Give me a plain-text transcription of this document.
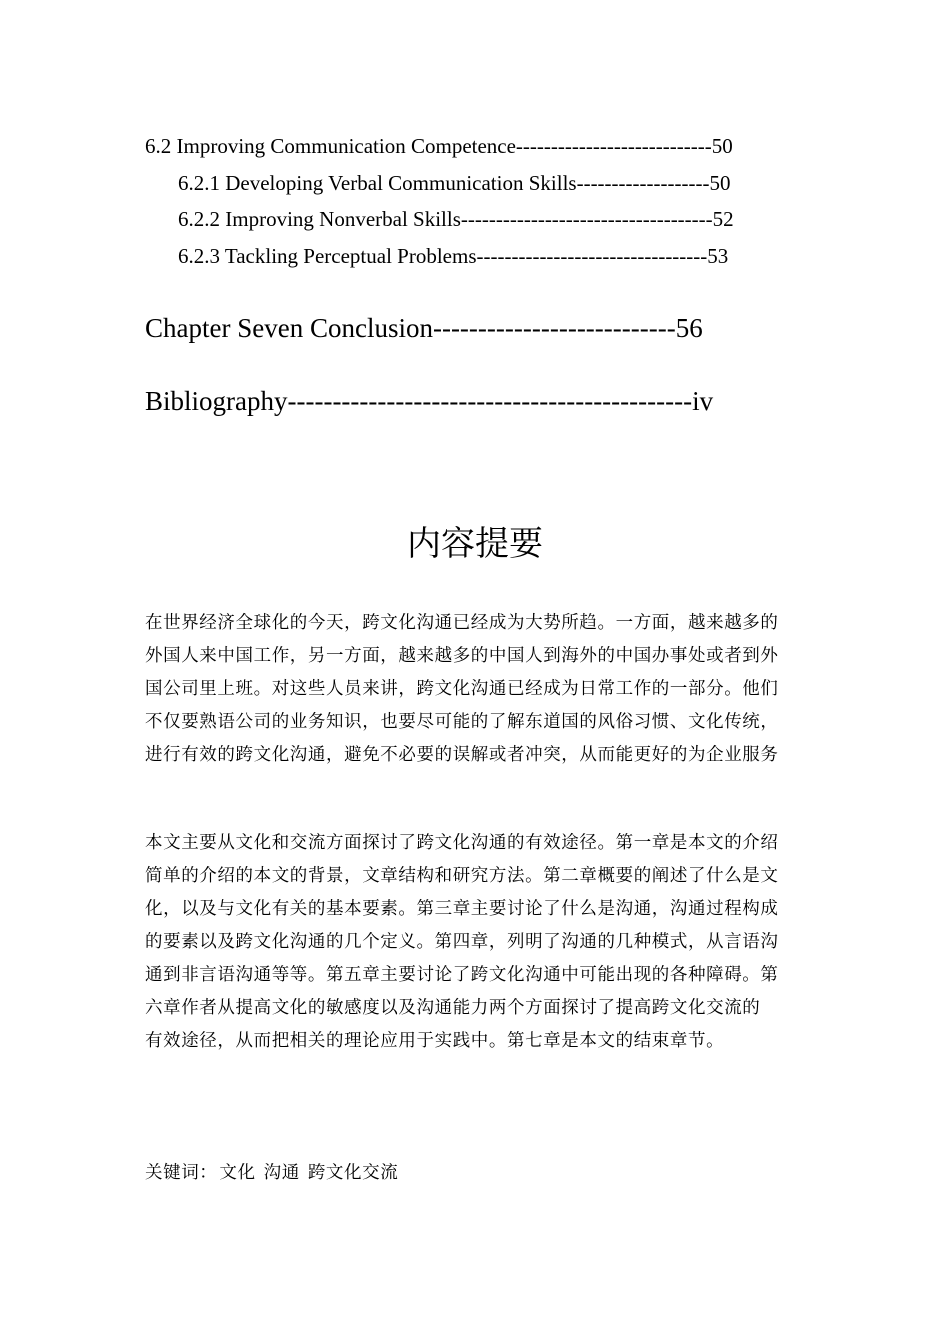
6.2 Improving Communication Competence----------------------------50
6.2.1 Developing Verbal Communication Skills-------------------50
6.2.2 Improving Nonverbal Skills------------------------------------52
6.2.3 Tackling Perceptual Problems---------------------------------53
Chapter Seven Conclusion---------------------------56
Bibliography---------------------------------------------iv
内容提要
在世界经济全球化的今天，跨文化沟通已经成为大势所趋。一方面，越来越多的
外国人来中国工作，另一方面，越来越多的中国人到海外的中国办事处或者到外
国公司里上班。对这些人员来讲，跨文化沟通已经成为日常工作的一部分。他们
不仅要熟语公司的业务知识，也要尽可能的了解东道国的风俗习惯、文化传统，
进行有效的跨文化沟通，避免不必要的误解或者冲突，从而能更好的为企业服务
本文主要从文化和交流方面探讨了跨文化沟通的有效途径。第一章是本文的介绍
简单的介绍的本文的背景，文章结构和研究方法。第二章概要的阐述了什么是文
化，以及与文化有关的基本要素。第三章主要讨论了什么是沟通，沟通过程构成
的要素以及跨文化沟通的几个定义。第四章，列明了沟通的几种模式，从言语沟
通到非言语沟通等等。第五章主要讨论了跨文化沟通中可能出现的各种障碍。第
六章作者从提高文化的敏感度以及沟通能力两个方面探讨了提高跨文化交流的
有效途径，从而把相关的理论应用于实践中。第七章是本文的结束章节。
关键词： 文化 沟通 跨文化交流
